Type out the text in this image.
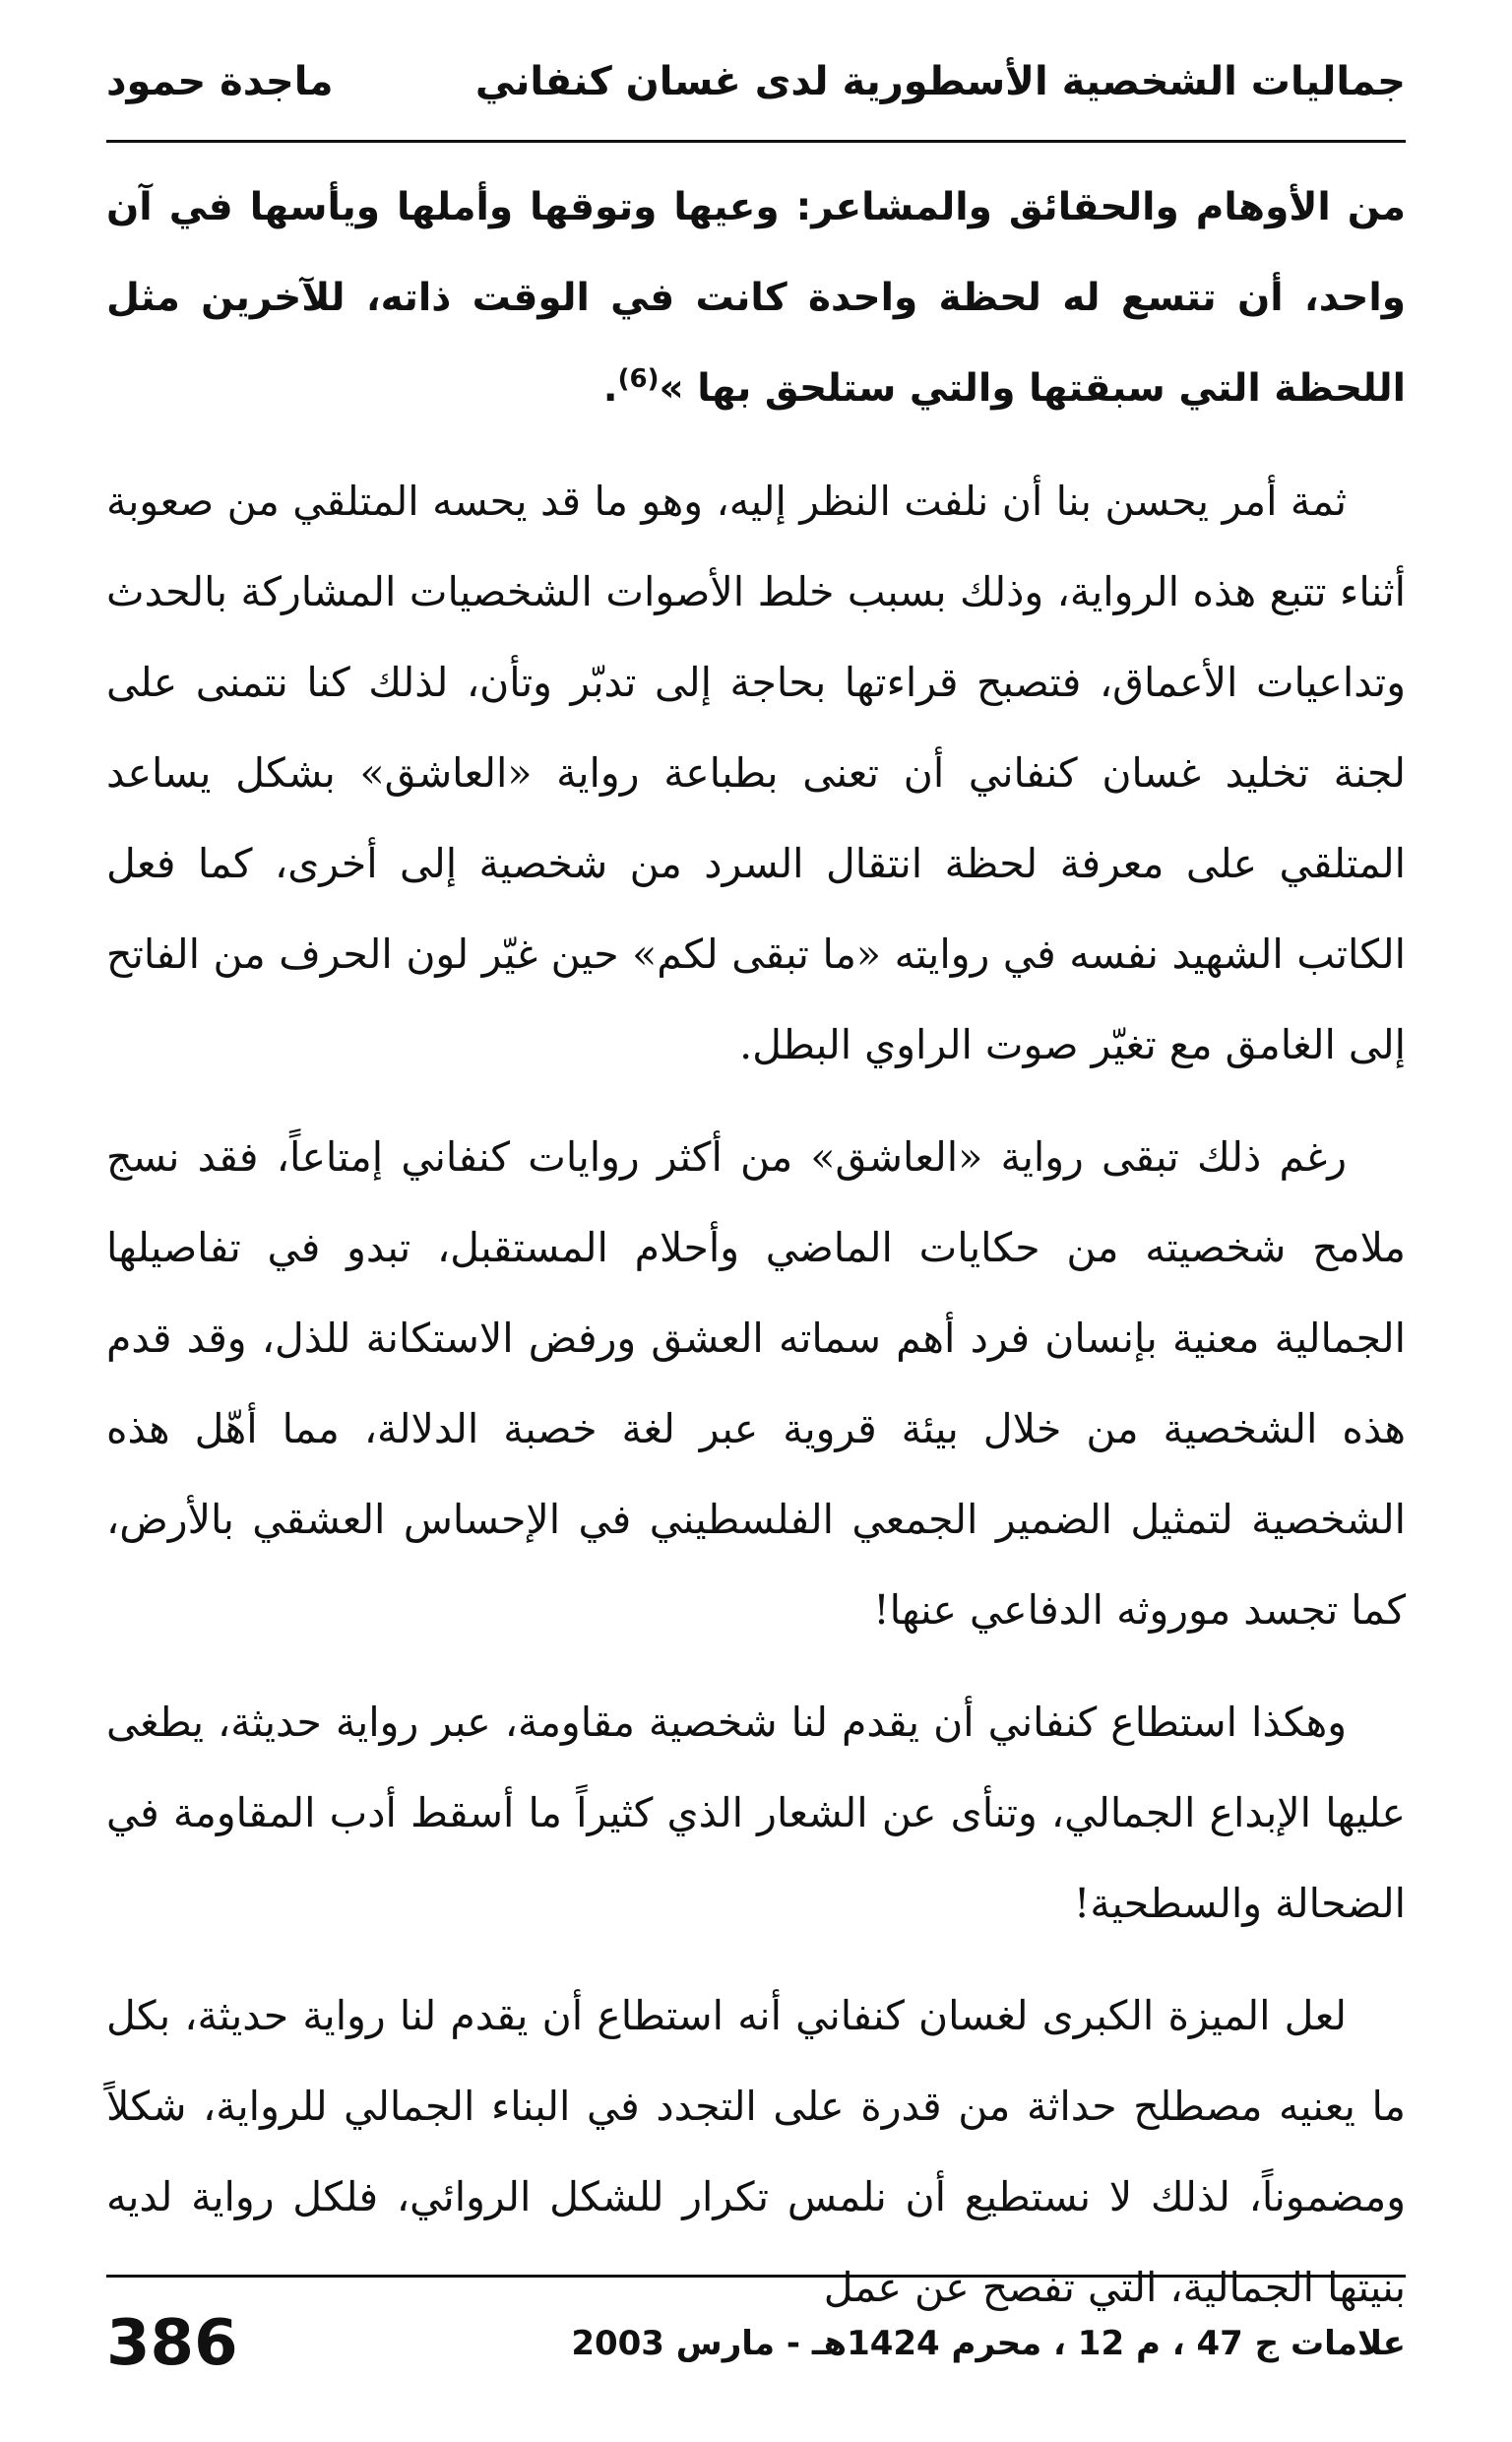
جماليات الشخصية الأسطورية لدى غسان كنفاني
ماجدة حمود

من الأوهام والحقائق والمشاعر: وعيها وتوقها وأملها ويأسها في آن واحد، أن تتسع له لحظة واحدة كانت في الوقت ذاته، للآخرين مثل اللحظة التي سبقتها والتي ستلحق بها »$^{(6)}$.

ثمة أمر يحسن بنا أن نلفت النظر إليه، وهو ما قد يحسه المتلقي من صعوبة أثناء تتبع هذه الرواية، وذلك بسبب خلط الأصوات الشخصيات المشاركة بالحدث وتداعيات الأعماق، فتصبح قراءتها بحاجة إلى تدبّر وتأن، لذلك كنا نتمنى على لجنة تخليد غسان كنفاني أن تعنى بطباعة رواية «العاشق» بشكل يساعد المتلقي على معرفة لحظة انتقال السرد من شخصية إلى أخرى، كما فعل الكاتب الشهيد نفسه في روايته «ما تبقى لكم» حين غيّر لون الحرف من الفاتح إلى الغامق مع تغيّر صوت الراوي البطل.

رغم ذلك تبقى رواية «العاشق» من أكثر روايات كنفاني إمتاعاً، فقد نسج ملامح شخصيته من حكايات الماضي وأحلام المستقبل، تبدو في تفاصيلها الجمالية معنية بإنسان فرد أهم سماته العشق ورفض الاستكانة للذل، وقد قدم هذه الشخصية من خلال بيئة قروية عبر لغة خصبة الدلالة، مما أهّل هذه الشخصية لتمثيل الضمير الجمعي الفلسطيني في الإحساس العشقي بالأرض، كما تجسد موروثه الدفاعي عنها!

وهكذا استطاع كنفاني أن يقدم لنا شخصية مقاومة، عبر رواية حديثة، يطغى عليها الإبداع الجمالي، وتنأى عن الشعار الذي كثيراً ما أسقط أدب المقاومة في الضحالة والسطحية!

لعل الميزة الكبرى لغسان كنفاني أنه استطاع أن يقدم لنا رواية حديثة، بكل ما يعنيه مصطلح حداثة من قدرة على التجدد في البناء الجمالي للرواية، شكلاً ومضموناً، لذلك لا نستطيع أن نلمس تكرار للشكل الروائي، فلكل رواية لديه بنيتها الجمالية، التي تفصح عن عمل

علامات ج 47 ، م 12 ، محرم 1424هـ - مارس 2003
386
